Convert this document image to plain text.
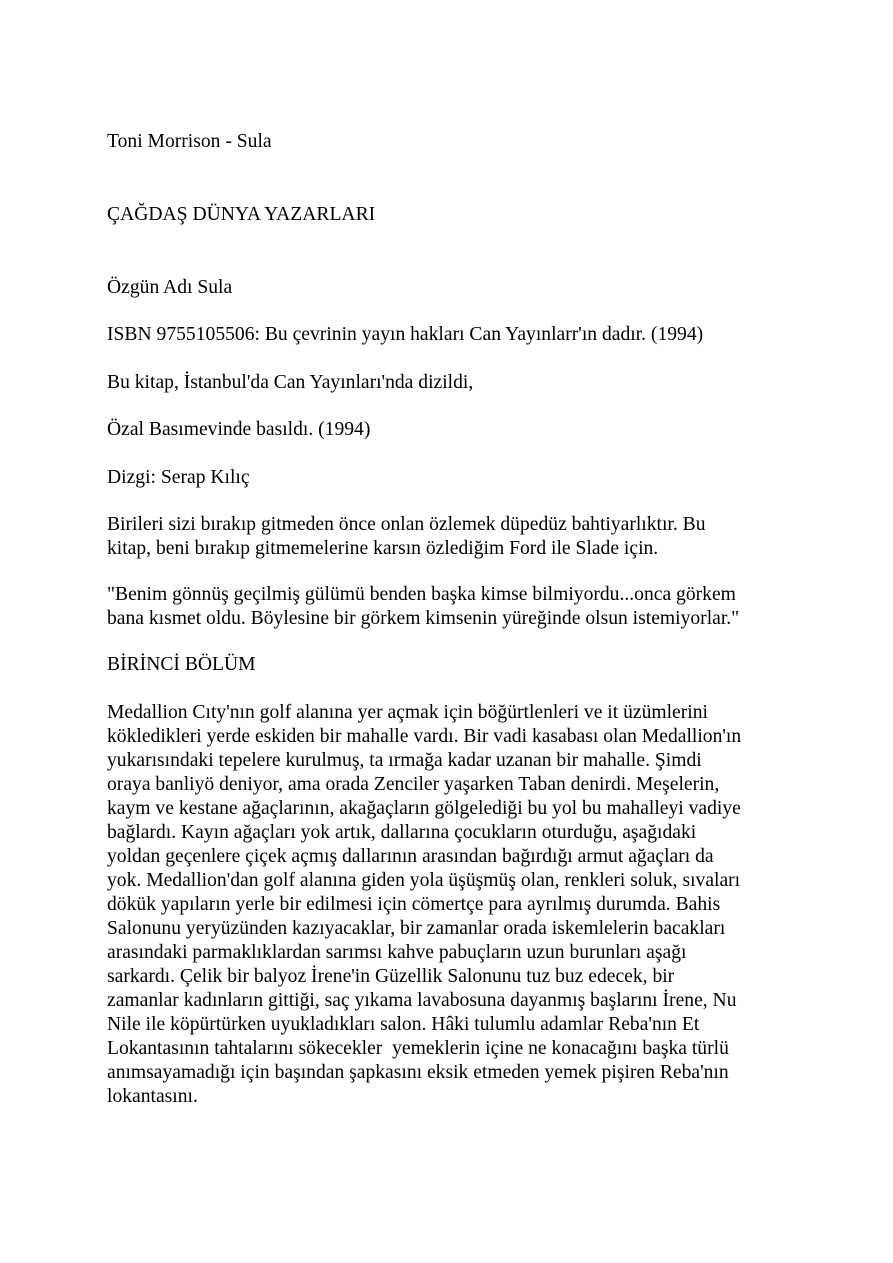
Toni Morrison - Sula

ÇAĞDAŞ DÜNYA YAZARLARI

Özgün Adı Sula

ISBN 9755105506: Bu çevrinin yayın hakları Can Yayınlarr'ın dadır. (1994)

Bu kitap, İstanbul'da Can Yayınları'nda dizildi,

Özal Basımevinde basıldı. (1994)

Dizgi: Serap Kılıç

Birileri sizi bırakıp gitmeden önce onlan özlemek düpedüz bahtiyarlıktır. Bu
kitap, beni bırakıp gitmemelerine karsın özlediğim Ford ile Slade için.
"Benim gönnüş geçilmiş gülümü benden başka kimse bilmiyordu...onca görkem
bana kısmet oldu. Böylesine bir görkem kimsenin yüreğinde olsun istemiyorlar."

BİRİNCİ BÖLÜM

Medallion Cıty'nın golf alanına yer açmak için böğürtlenleri ve it üzümlerini
kökledikleri yerde eskiden bir mahalle vardı. Bir vadi kasabası olan Medallion'ın
yukarısındaki tepelere kurulmuş, ta ırmağa kadar uzanan bir mahalle. Şimdi
oraya banliyö deniyor, ama orada Zenciler yaşarken Taban denirdi. Meşelerin,
kaym ve kestane ağaçlarının, akağaçların gölgelediği bu yol bu mahalleyi vadiye
bağlardı. Kayın ağaçları yok artık, dallarına çocukların oturduğu, aşağıdaki
yoldan geçenlere çiçek açmış dallarının arasından bağırdığı armut ağaçları da
yok. Medallion'dan golf alanına giden yola üşüşmüş olan, renkleri soluk, sıvaları
dökük yapıların yerle bir edilmesi için cömertçe para ayrılmış durumda. Bahis
Salonunu yeryüzünden kazıyacaklar, bir zamanlar orada iskemlelerin bacakları
arasındaki parmaklıklardan sarımsı kahve pabuçların uzun burunları aşağı
sarkardı. Çelik bir balyoz İrene'in Güzellik Salonunu tuz buz edecek, bir
zamanlar kadınların gittiği, saç yıkama lavabosuna dayanmış başlarını İrene, Nu
Nile ile köpürtürken uyukladıkları salon. Hâki tulumlu adamlar Reba'nın Et
Lokantasının tahtalarını sökecekler  yemeklerin içine ne konacağını başka türlü
anımsayamadığı için başından şapkasını eksik etmeden yemek pişiren Reba'nın
lokantasını.
